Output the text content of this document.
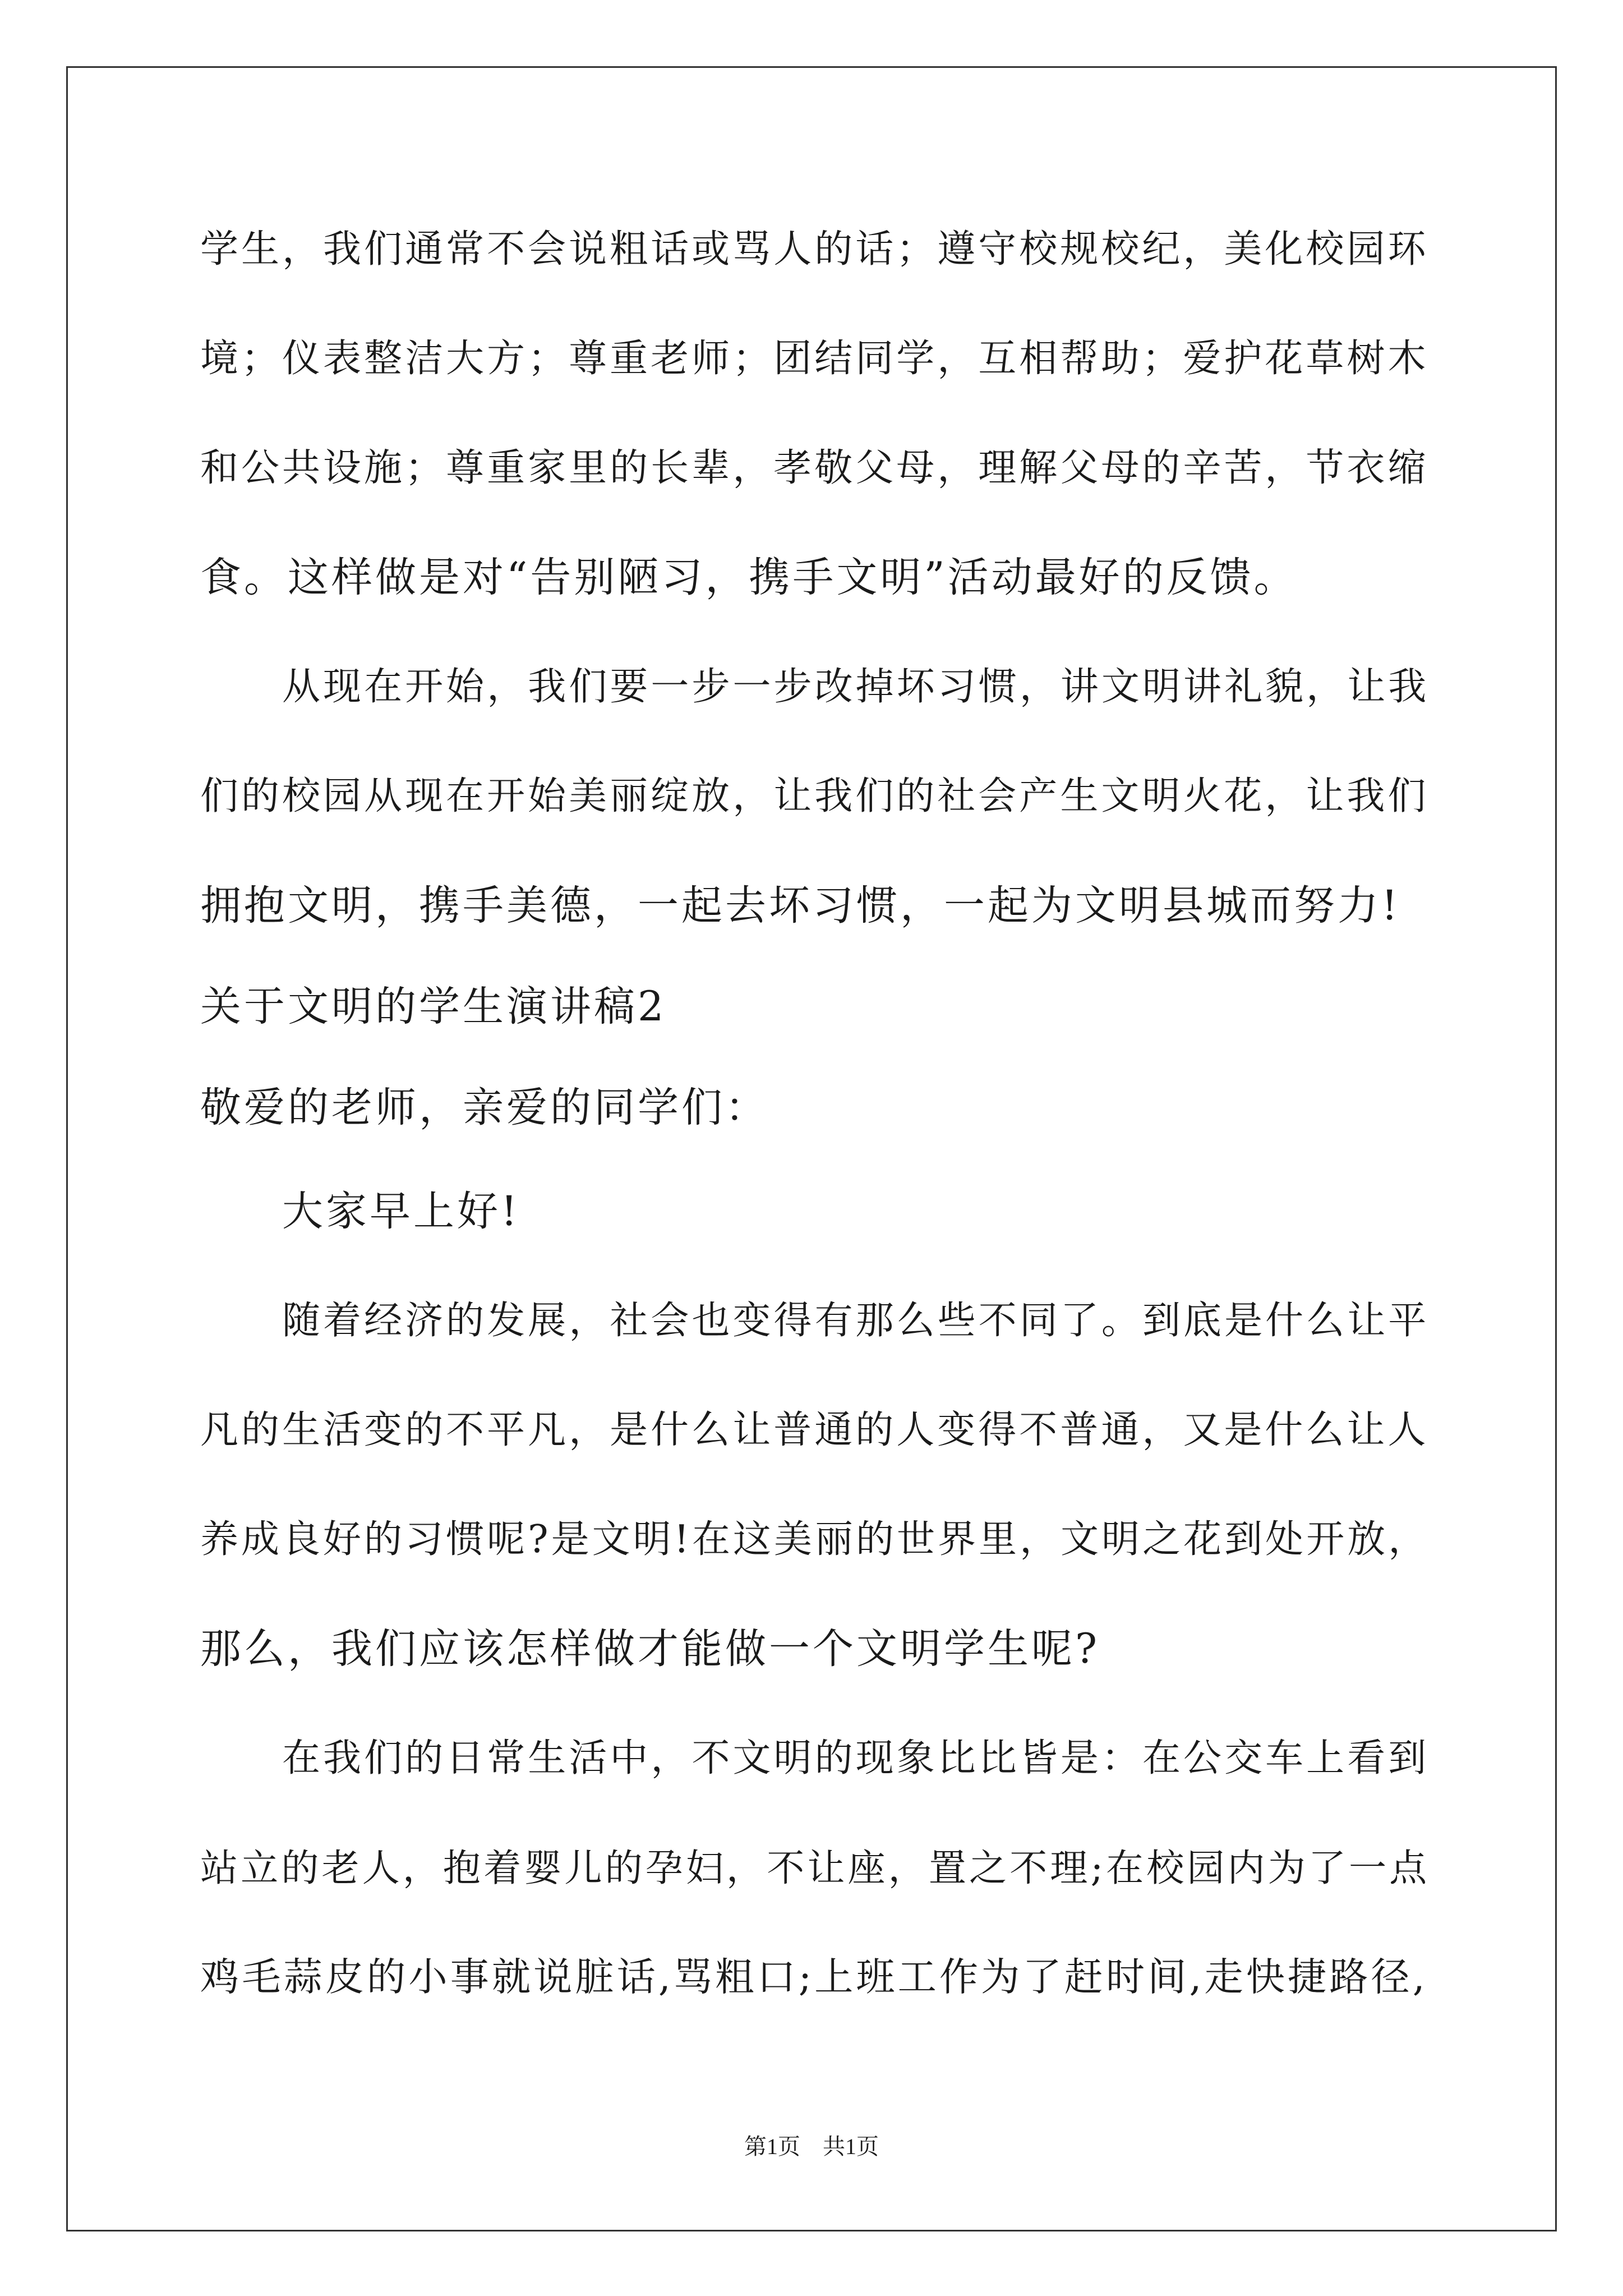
学生，我们通常不会说粗话或骂人的话；遵守校规校纪，美化校园环

境；仪表整洁大方；尊重老师；团结同学，互相帮助；爱护花草树木

和公共设施；尊重家里的长辈，孝敬父母，理解父母的辛苦，节衣缩

食。这样做是对“告别陋习，携手文明”活动最好的反馈。

从现在开始，我们要一步一步改掉坏习惯，讲文明讲礼貌，让我

们的校园从现在开始美丽绽放，让我们的社会产生文明火花，让我们

拥抱文明，携手美德，一起去坏习惯，一起为文明县城而努力!

关于文明的学生演讲稿2

敬爱的老师，亲爱的同学们：

大家早上好!

随着经济的发展，社会也变得有那么些不同了。到底是什么让平

凡的生活变的不平凡，是什么让普通的人变得不普通，又是什么让人

养成良好的习惯呢?是文明!在这美丽的世界里，文明之花到处开放，

那么，我们应该怎样做才能做一个文明学生呢?

在我们的日常生活中，不文明的现象比比皆是：在公交车上看到

站立的老人，抱着婴儿的孕妇，不让座，置之不理;在校园内为了一点

鸡毛蒜皮的小事就说脏话,骂粗口;上班工作为了赶时间,走快捷路径,

第1页　共1页
